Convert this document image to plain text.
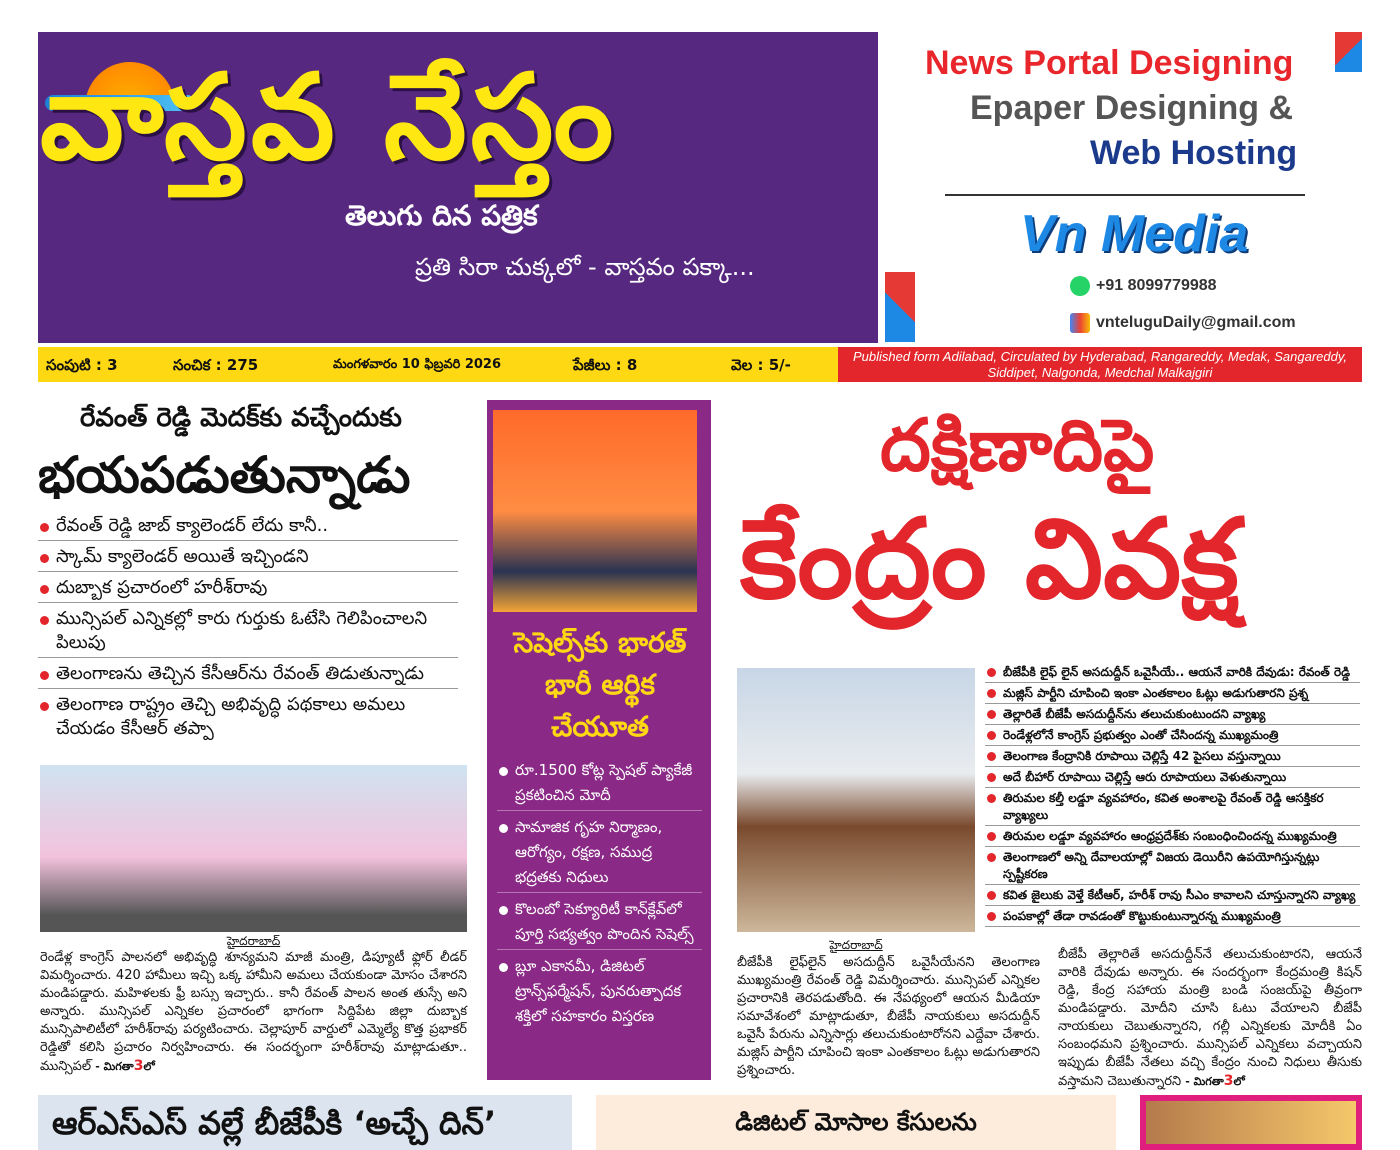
వాస్తవ నేస్తం
తెలుగు దిన పత్రిక
ప్రతి సిరా చుక్కలో - వాస్తవం పక్కా...
News Portal Designing
Epaper Designing &
Web Hosting
Vn Media
+91 8099779988
vnteluguDaily@gmail.com
సంపుటి : 3	సంచిక : 275	మంగళవారం 10 ఫిబ్రవరి 2026	పేజీలు : 8	వెల : 5/-	Published form Adilabad, Circulated by Hyderabad, Rangareddy, Medak, Sangareddy, Siddipet, Nalgonda, Medchal Malkajgiri
రేవంత్ రెడ్డి మెదక్‌కు వచ్చేందుకు
భయపడుతున్నాడు
రేవంత్ రెడ్డి జాబ్ క్యాలెండర్ లేదు కానీ..
స్కామ్ క్యాలెండర్ అయితే ఇచ్చిండని
దుబ్బాక ప్రచారంలో హరీశ్‌రావు
మున్సిపల్ ఎన్నికల్లో కారు గుర్తుకు ఓటేసి గెలిపించాలని పిలుపు
తెలంగాణను తెచ్చిన కేసీఆర్‌ను రేవంత్ తిడుతున్నాడు
తెలంగాణ రాష్ట్రం తెచ్చి అభివృద్ధి పథకాలు అమలు చేయడం కేసీఆర్ తప్పా
హైదరాబాద్
రెండేళ్ల కాంగ్రెస్ పాలనలో అభివృద్ధి శూన్యమని మాజీ మంత్రి, డిప్యూటీ ఫ్లోర్ లీడర్ విమర్శించారు. 420 హామీలు ఇచ్చి ఒక్క హామీని అమలు చేయకుండా మోసం చేశారని మండిపడ్డారు. మహిళలకు ఫ్రీ బస్సు ఇచ్చారు.. కానీ రేవంత్ పాలన అంత తుస్సే అని అన్నారు. మున్సిపల్ ఎన్నికల ప్రచారంలో భాగంగా సిద్దిపేట జిల్లా దుబ్బాక మున్సిపాలిటీలో హరీశ్‌రావు పర్యటించారు. చెల్లాపూర్ వార్డులో ఎమ్మెల్యే కొత్త ప్రభాకర్ రెడ్డితో కలిసి ప్రచారం నిర్వహించారు. ఈ సందర్భంగా హరీశ్‌రావు మాట్లాడుతూ.. మున్సిపల్ - మిగతా3లో
సెషెల్స్‌కు భారత్ భారీ ఆర్థిక చేయూత
రూ.1500 కోట్ల స్పెషల్ ప్యాకేజీ ప్రకటించిన మోదీ
సామాజిక గృహ నిర్మాణం, ఆరోగ్యం, రక్షణ, సముద్ర భద్రతకు నిధులు
కొలంబో సెక్యూరిటీ కాన్‌క్లేవ్‌లో పూర్తి సభ్యత్వం పొందిన సెషెల్స్
బ్లూ ఎకానమీ, డిజిటల్ ట్రాన్స్‌ఫర్మేషన్, పునరుత్పాదక శక్తిలో సహకారం విస్తరణ
దక్షిణాదిపై
కేంద్రం వివక్ష
బీజేపీకి లైఫ్ లైన్ అసదుద్దీన్ ఒవైసీయే.. ఆయనే వారికి దేవుడు: రేవంత్ రెడ్డి
మజ్లిస్ పార్టీని చూపించి ఇంకా ఎంతకాలం ఓట్లు అడుగుతారని ప్రశ్న
తెల్లారితే బీజేపీ అసదుద్దీన్‌ను తలుచుకుంటుందని వ్యాఖ్య
రెండేళ్లలోనే కాంగ్రెస్ ప్రభుత్వం ఎంతో చేసిందన్న ముఖ్యమంత్రి
తెలంగాణ కేంద్రానికి రూపాయి చెల్లిస్తే 42 పైసలు వస్తున్నాయి
అదే బీహార్ రూపాయి చెల్లిస్తే ఆరు రూపాయలు వెళుతున్నాయి
తిరుమల కల్తీ లడ్డూ వ్యవహారం, కవిత అంశాలపై రేవంత్ రెడ్డి ఆసక్తికర వ్యాఖ్యలు
తిరుమల లడ్డూ వ్యవహారం ఆంధ్రప్రదేశ్‌కు సంబంధించిందన్న ముఖ్యమంత్రి
తెలంగాణలో అన్ని దేవాలయాల్లో విజయ డెయిరీని ఉపయోగిస్తున్నట్లు స్పష్టీకరణ
కవిత జైలుకు వెళ్తే కేటీఆర్, హరీశ్ రావు సీఎం కావాలని చూస్తున్నారని వ్యాఖ్య
పంపకాల్లో తేడా రావడంతో కొట్టుకుంటున్నారన్న ముఖ్యమంత్రి
హైదరాబాద్
బీజేపీకి లైఫ్‌లైన్ అసదుద్దీన్ ఒవైసీయేనని తెలంగాణ ముఖ్యమంత్రి రేవంత్ రెడ్డి విమర్శించారు. మున్సిపల్ ఎన్నికల ప్రచారానికి తెరపడుతోంది. ఈ నేపథ్యంలో ఆయన మీడియా సమావేశంలో మాట్లాడుతూ, బీజేపీ నాయకులు అసదుద్దీన్ ఒవైసీ పేరును ఎన్నిసార్లు తలుచుకుంటారోనని ఎద్దేవా చేశారు. మజ్లిస్ పార్టీని చూపించి ఇంకా ఎంతకాలం ఓట్లు అడుగుతారని ప్రశ్నించారు.
బీజేపీ తెల్లారితే అసదుద్దీన్‌నే తలుచుకుంటారని, ఆయనే వారికి దేవుడు అన్నారు. ఈ సందర్భంగా కేంద్రమంత్రి కిషన్ రెడ్డి, కేంద్ర సహాయ మంత్రి బండి సంజయ్‌పై తీవ్రంగా మండిపడ్డారు. మోదీని చూసి ఓటు వేయాలని బీజేపీ నాయకులు చెబుతున్నారని, గల్లీ ఎన్నికలకు మోదీకి ఏం సంబంధమని ప్రశ్నించారు. మున్సిపల్ ఎన్నికలు వచ్చాయని ఇప్పుడు బీజేపీ నేతలు వచ్చి కేంద్రం నుంచి నిధులు తీసుకు వస్తామని చెబుతున్నారని - మిగతా3లో
ఆర్ఎస్ఎస్ వల్లే బీజేపీకి ‘అచ్చే దిన్’	డిజిటల్ మోసాల కేసులను
